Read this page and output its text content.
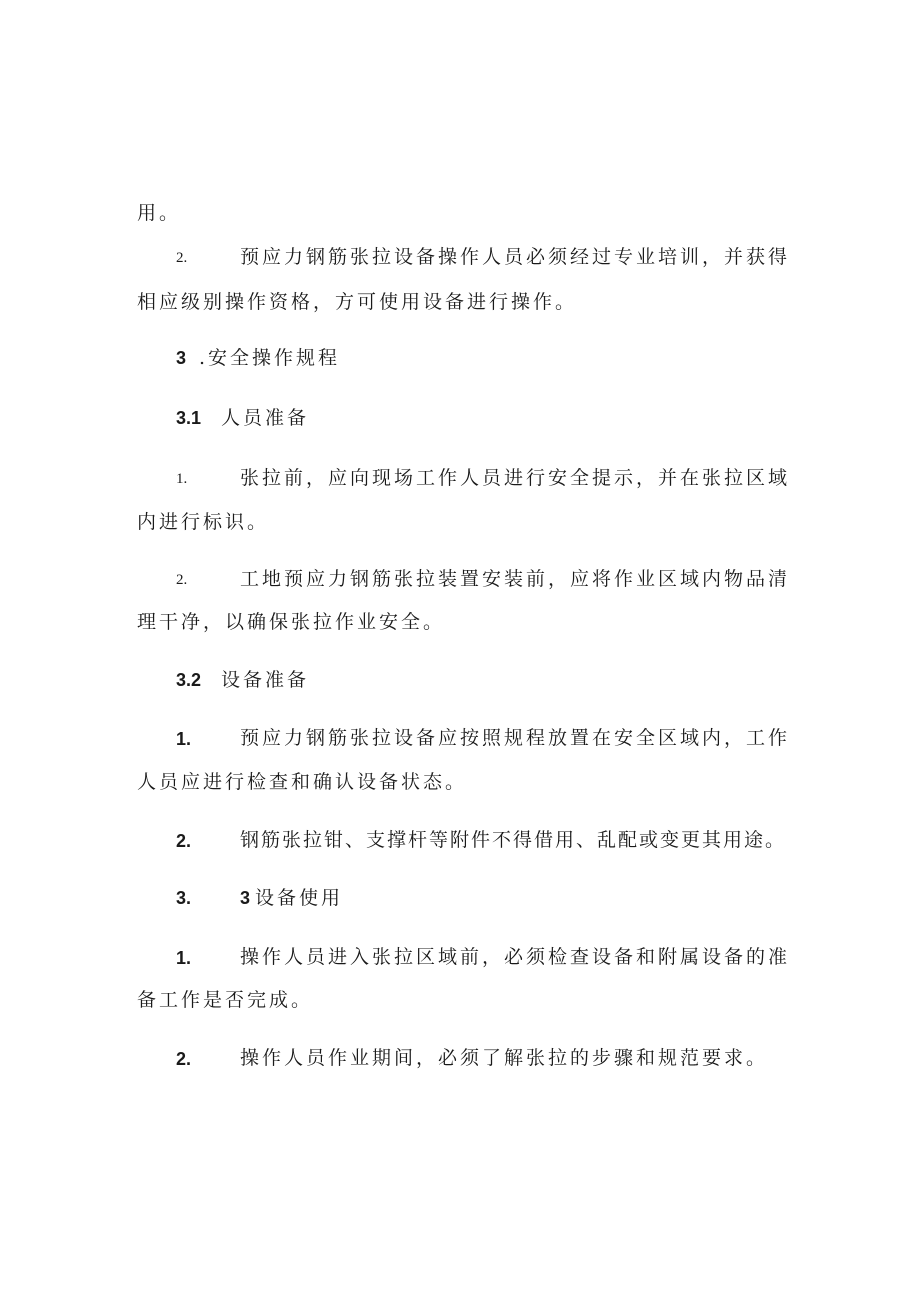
用。
2.	预应力钢筋张拉设备操作人员必须经过专业培训，并获得
相应级别操作资格，方可使用设备进行操作。
3 .安全操作规程
3.1 人员准备
1.	张拉前，应向现场工作人员进行安全提示，并在张拉区域
内进行标识。
2.	工地预应力钢筋张拉装置安装前，应将作业区域内物品清
理干净，以确保张拉作业安全。
3.2 设备准备
1.	预应力钢筋张拉设备应按照规程放置在安全区域内，工作
人员应进行检查和确认设备状态。
2.	钢筋张拉钳、支撑杆等附件不得借用、乱配或变更其用途。
3.	3 设备使用
1.	操作人员进入张拉区域前，必须检查设备和附属设备的准
备工作是否完成。
2.	操作人员作业期间，必须了解张拉的步骤和规范要求。
